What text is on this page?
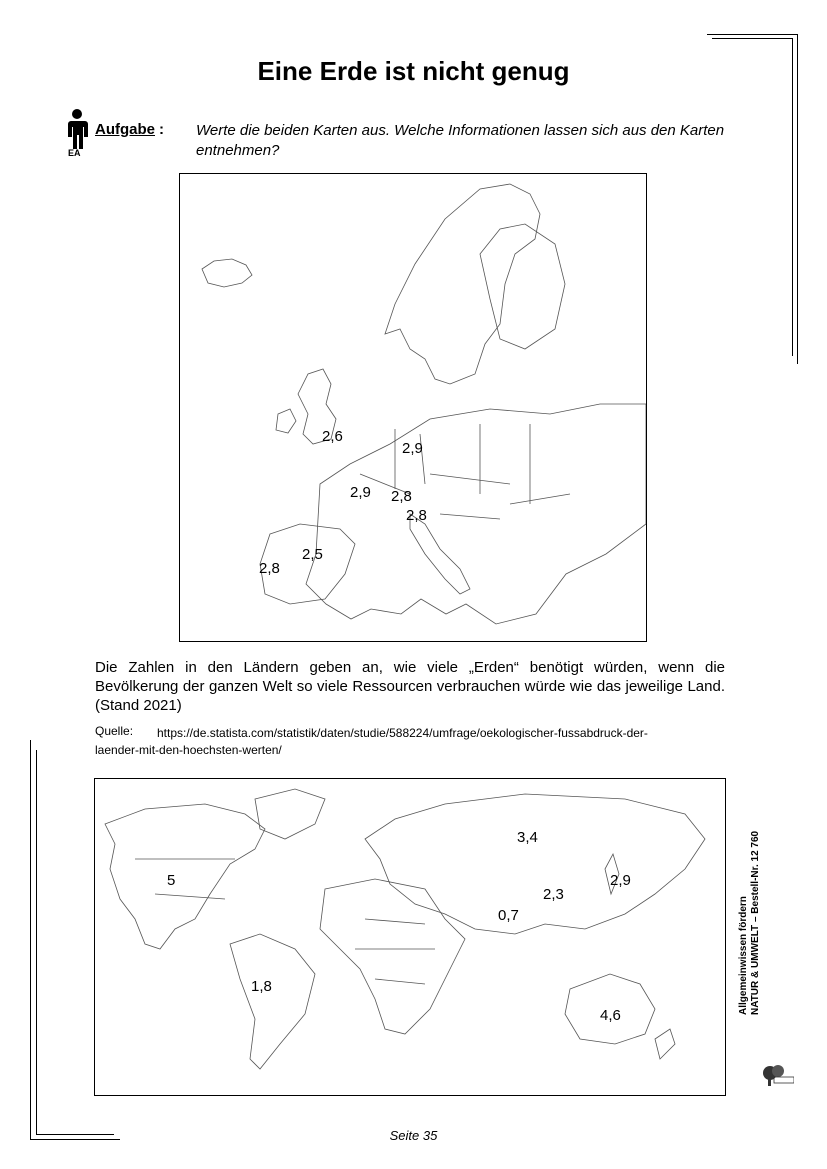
Eine Erde ist nicht genug
EA
Aufgabe : Werte die beiden Karten aus. Welche Informationen lassen sich aus den Karten entnehmen?
2,6
2,9
2,9 2,8
2,8
2,5
2,8
Die Zahlen in den Ländern geben an, wie viele „Erden“ benötigt würden, wenn die Bevölkerung der ganzen Welt so viele Ressourcen verbrauchen würde wie das jeweilige Land. (Stand 2021)
Quelle: https://de.statista.com/statistik/daten/studie/588224/umfrage/oekologischer-fussabdruck-der-
laender-mit-den-hoechsten-werten/
5
3,4
2,9
2,3
0,7
1,8
4,6
Allgemeinwissen fördern NATUR & UMWELT – Bestell-Nr. 12 760
Seite 35
